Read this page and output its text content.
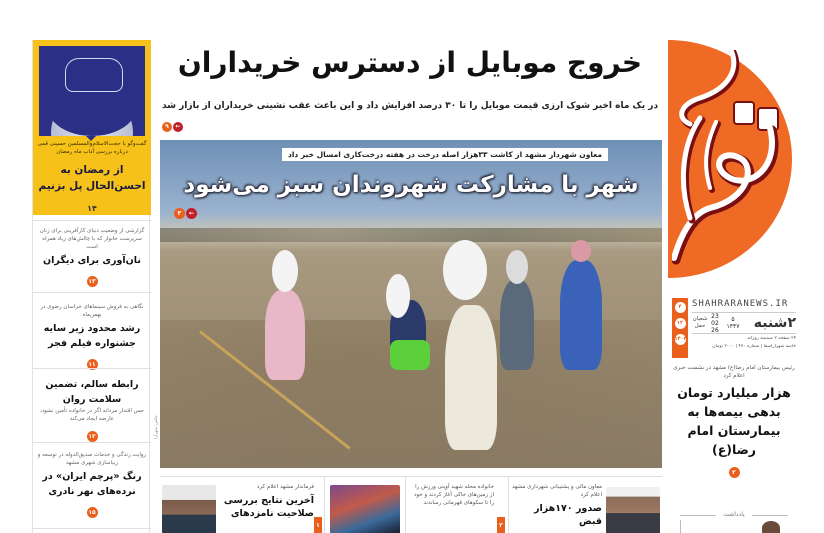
گفت‌وگو با حجت‌الاسلام‌والمسلمین حسینی قمی درباره بررسی آداب ماه رمضان
از رمضان به احسن‌الحال پل بزنیم
۱۴
گزارشی از وضعیت دنیای کارآفرینی برای زنان سرپرست خانوار که با چالش‌های زیاد همراه است
نان‌آوری برای دیگران
۱۳
نگاهی به فروش سینماهای خراسان رضوی در بهمن‌ماه
رشد محدود زیر سایه جشنواره فیلم فجر
۱۱
رابطه سالم، تضمین سلامت روان
حس اقتدار مردانه اگر در خانواده تأمین نشود، عارضه ایجاد می‌کند
۱۲
روایت زندگی و خدمات صدیق‌الدوله در توسعه و زیباسازی شهری مشهد
رنگ «پرچم ایران» در نرده‌های نهر نادری
۱۵
عکس: شهرآرا
خروج موبایل از دسترس خریداران
در یک ماه اخیر شوک ارزی قیمت موبایل را تا ۳۰ درصد افزایش داد و این باعث عقب نشینی خریداران از بازار شد
۹	←
معاون شهردار مشهد از کاشت ۳۳هزار اصله درخت در هفته درخت‌کاری امسال خبر داد
شهر با مشارکت شهروندان سبز می‌شود
۳	←
فرماندار مشهد اعلام کرد
آخرین نتایج بررسی صلاحیت نامزدهای
۱
خانواده محله شهید آوینی ورزش را از زمین‌های خاکی آغاز کردند و خود را تا سکوهای قهرمانی رساندند
۳
معاون مالی و پشتیبانی شهرداری مشهد اعلام کرد
صدور ۱۷۰هزار قبض
۴
۱۲
۱۴۰۴
SHAHRARANEWS.IR
شعبان
حمل
23
02
26
۵
۱۴۴۷	۲شنبه
۲۴ صفحه ۲ ضمیمه روزانه
خاصه شهرآراسفا | شماره ۴۷۰ | ۲۰۰۰ تومان
رئیس بیمارستان امام رضا(ع) مشهد در نشست خبری اعلام کرد
هزار میلیارد تومان بدهی بیمه‌ها به بیمارستان امام رضا(ع)
۲
یادداشت
